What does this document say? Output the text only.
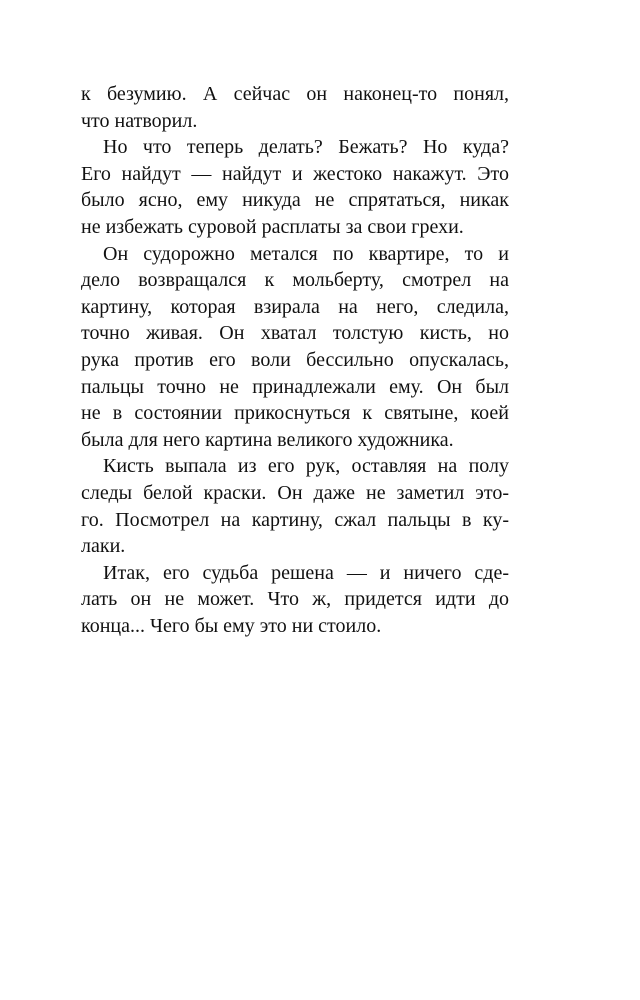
к безумию. А сейчас он наконец-то понял,
что натворил.
Но что теперь делать? Бежать? Но куда?
Его найдут — найдут и жестоко накажут. Это
было ясно, ему никуда не спрятаться, никак
не избежать суровой расплаты за свои грехи.
Он судорожно метался по квартире, то и
дело возвращался к мольберту, смотрел на
картину, которая взирала на него, следила,
точно живая. Он хватал толстую кисть, но
рука против его воли бессильно опускалась,
пальцы точно не принадлежали ему. Он был
не в состоянии прикоснуться к святыне, коей
была для него картина великого художника.
Кисть выпала из его рук, оставляя на полу
следы белой краски. Он даже не заметил это-
го. Посмотрел на картину, сжал пальцы в ку-
лаки.
Итак, его судьба решена — и ничего сде-
лать он не может. Что ж, придется идти до
конца... Чего бы ему это ни стоило.
